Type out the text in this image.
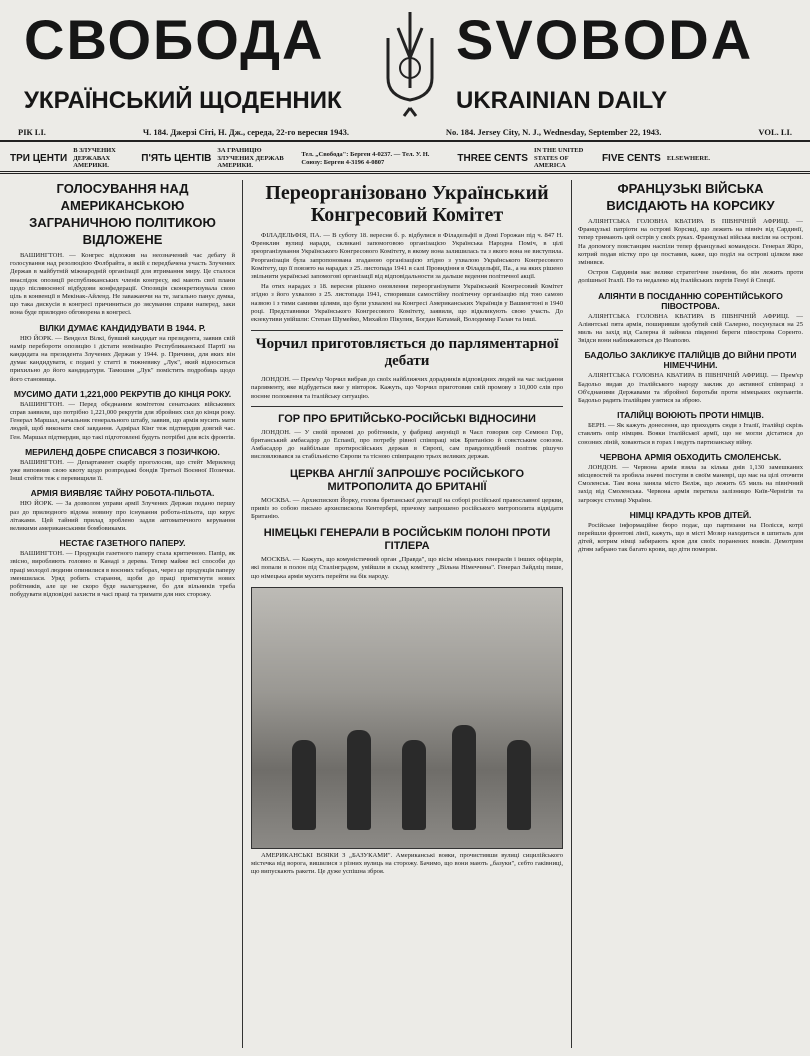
СВОБОДА SVOBODA
УКРАЇНСЬКИЙ ЩОДЕННИК	UKRAINIAN DAILY
РІК LI.	Ч. 184. Джерзі Сіті, Н. Дж., середа, 22-го вересня 1943.	No. 184. Jersey City, N. J., Wednesday, September 22, 1943.	VOL. LI.
ТРИ ЦЕНТИ
В ЗЛУЧЕНИХ ДЕРЖАВАХ АМЕРИКИ.
П'ЯТЬ ЦЕНТІВ
ЗА ГРАНИЦЮ ЗЛУЧЕНИХ ДЕРЖАВ АМЕРИКИ.
Тел. „Свобода": Бергeн 4-0237. — Тел. У. Н. Союзу: Бергeн 4-3196 4-0807	THREE CENTS
IN THE UNITED STATES OF AMERICA
FIVE CENTS ELSEWHERE.
ГОЛОСУВАННЯ НАД АМЕРИКАНСЬКОЮ ЗАГРАНИЧНОЮ ПОЛІТИКОЮ ВІДЛОЖЕНЕ

ВАШИНГТОН. — Конгрес відложив на неозначений час дебату й голосування над резолюцією Фолбрайта, в якій є передбачена участь Злучених Держав в майбутній міжнародній організації для втримання миру. Це сталося внаслідок опозиції республиканських членів конгресу, які мають свої плани щодо післявоєнної відбудови конфедерації. Опозиція сконкретизувала свою ціль в конвенції в Мекінак-Айленд. Не заважаючи на те, загально панує думка, що така дискусія в конгресі причиниться до зясування справи наперед, заки вона буде прилюдно обговорена в конгресі.

ВІЛКИ ДУМАЄ КАНДИДУВАТИ В 1944. Р.

НЮ ЙОРК. — Венделл Вілкі, бувший кандидат на президента, заявив свій намір перебороти опозицію і дістати номінацію Республиканської Партії на кандидата на президента Злучених Держав у 1944. р. Причини, для яких він думає кандидувати, є подані у статті в тижневику „Лук", який відноситься прихильно до його кандидатури. Тамошня „Лук" помістить подробиць щодо його становища.

МУСИМО ДАТИ 1,221,000 РЕКРУТІВ ДО КІНЦЯ РОКУ.

ВАШИНГТОН. — Перед обєднаним комітетом сенатських військових справ заявили, що потрібно 1,221,000 рекрутів для збройних сил до кінця року. Генерал Маршал, начальник генерального штабу, заявив, що армія мусить мати людей, щоб виконати свої завдання. Адмірал Кінг теж підтвердив довгий час. Ген. Маршал підтвердив, що такі підготовлені будуть потрібні для всіх фронтів.

МЕРИЛЕНД ДОБРЕ СПИСАВСЯ З ПОЗИЧКОЮ.

ВАШИНГТОН. — Департамент скарбу проголосив, що стейт Мериленд уже виповнив свою квоту щодо розпродажі бондів Третьої Воєнної Позички. Інші стейти теж є перевищили її.

АРМІЯ ВИЯВЛЯЄ ТАЙНУ РОБОТА-ПІЛЬОТА.

НЮ ЙОРК. — За дозволом управи армії Злучених Держав подано першу раз до прилюдного відома новину про існування робота-пільота, що керує літаками. Цей тайний прилад зроблено задля автоматичного керування великими американськими бомбовиками.

НЕСТАЄ ГАЗЕТНОГО ПАПЕРУ.

ВАШИНГТОН. — Продукція газетного паперу стала критичною. Папір, як звісно, виробляють головно в Канаді з дерева. Тепер майже всі способи до праці молодої людини опинилися в воєнних таборах, через це продукція паперу зменшилася. Уряд робить старання, щоби до праці притягнути нових робітників, але це не скоро буде налагоджене, бо для вільників треба побудувати відповідні захисти в часі праці та тримати для них сторожу.

Переорганізовано Український Конгресовий Комітет

ФІЛАДЕЛЬФІЯ, ПА. — В суботу 18. вересня б. р. відбулися в Філадельфії в Домі Горожан під ч. 847 Н. Френклин вулиці наради, скликані запомоговою організацією Українська Народна Поміч, в цілі зреорганізування Українського Конгресового Комітету, в якому вона залишилась та з якого вона не виступила. Реорганізація була запропонована згаданою організацією згідно з ухвалою Українського Конгресового Комітету, що її повзято на нарадах з 25. листопада 1941 в салі Провидіння в Філадельфії, Па., а на яких рішено звільнити українські запомогові організації від відповідальности за дальше ведення політичної акції.

На отих нарадах з 18. вересня рішено оновлення переорганізувати Український Конгресовий Комітет згідно з його ухвалою з 25. листопада 1941, створивши самостійну політичну організацію під тою самою назвою і з тими самими цілями, що були ухвалені на Конгресі Американських Українців у Вашингтоні в 1940 році. Представники Українського Конгресового Комітету, заявили, що відкликують свою участь. До екзекутиви увійшли: Степан Шумейко, Михайло Пікулик, Богдан Катамай, Володимир Галан та інші.

Чорчил приготовляється до парляментарної дебати

ЛОНДОН. — Прем'єр Чорчил вибрав до своїх найближчих дорадників відповідних людей на час засідання парляменту, яке відбудеться вже у вівторок. Кажуть, що Чорчил приготовив свій промову з 10,000 слів про воєнне положення та італійську ситуацію.

ГОР ПРО БРИТІЙСЬКО-РОСІЙСЬКІ ВІДНОСИНИ

ЛОНДОН. — У своїй промові до робітників, у фабриці амуніції в Чаєл говорив сер Семюел Гор, британський амбасадор до Еспанії, про потребу рівної співпраці між Британією й совєтським союзом. Амбасадор до найбільше протиросійських держав в Європі, сам правдоподібний політик рішучо висловлювався за стабільністю Європи та тісною співпрацею трьох великих держав.

ЦЕРКВА АНГЛІЇ ЗАПРОШУЄ РОСІЙСЬКОГО МИТРОПОЛИТА ДО БРИТАНІЇ

МОСКВА. — Архиєпископ Йорку, голова британської делегації на соборі російської православної церкви, привіз зо собою письмо архиєпископа Кентербері, причому запрошено російського митрополита відвідати Британію.

НІМЕЦЬКІ ГЕНЕРАЛИ В РОСІЙСЬКІМ ПОЛОНІ ПРОТИ ГІТЛЕРА

МОСКВА. — Кажуть, що комуністичний орган „Правда", що вісім німецьких генералів і інших офіцерів, які попали в полон під Сталінградом, увійшли в склад комітету „Вільна Німеччина". Генерал Зайдліц пише, що німецька армія мусить перейти на бік народу.

АМЕРИКАНСЬКІ ВОЯКИ З „БАЗУКАМИ". Американські вояки, прочистивши вулиці сицилійського містечка від ворога, вишилися з різних вулиць на сторожу. Бачимо, що вони мають „базуки", себто гаківниці, що випускають ракети. Це дуже успішна зброя.

ФРАНЦУЗЬКІ ВІЙСЬКА ВИСІДАЮТЬ НА КОРСИКУ

АЛІЯНТСЬКА ГОЛОВНА КВАТИРА В ПІВНІЧНІЙ АФРИЦІ. — Французькі патріоти на острові Корсиці, що лежить на північ від Сардинії, тепер тримають цей острів у своїх руках. Французькі війська висіли на острові. На допомогу повстанцям наспіли тепер французькі командоси. Генерал Жіро, котрий подав вістку про це поставив, каже, що поділ на острові цілком вже змінився.

Остров Сардинія має велике стратегічне значіння, бо він лежить проти долішньої Італії. По та недалеко від італійських портів Генуї й Спеції.

АЛІЯНТИ В ПОСІДАННЮ СОРЕНТІЙСЬКОГО ПІВОСТРОВА.

АЛІЯНТСЬКА ГОЛОВНА КВАТИРА В ПІВНІЧНІЙ АФРИЦІ. — Аліянтські пята армія, поширивши здобутий свій Салерно, посунулася на 25 миль на захід від Салерна й зайняла південні береги півострова Соренто. Звідси вони наближаються до Неаполю.

БАДОЛЬО ЗАКЛИКУЄ ІТАЛІЙЦІВ ДО ВІЙНИ ПРОТИ НІМЕЧЧИНИ.

АЛІЯНТСЬКА ГОЛОВНА КВАТИРА В ПІВНІЧНІЙ АФРИЦІ. — Прем'єр Бадольо видав до італійського народу заклик до активної співпраці з Об'єднаними Державами та збройної боротьби проти німецьких окупантів. Бадольо радить італійцям узятися за зброю.

ІТАЛІЙЦІ ВОЮЮТЬ ПРОТИ НІМЦІВ.

БЕРН. — Як кажуть донесення, що приходять сюди з Італії, італійці скрізь ставлять опір німцям. Вояки італійської армії, що не могли дістатися до союзних ліній, ховаються в горах і ведуть партизанську війну.

ЧЕРВОНА АРМІЯ ОБХОДИТЬ СМОЛЕНСЬК.

ЛОНДОН. — Червона армія взяла за кілька днів 1,130 замешканих місцевостей та зробила значні поступи в своїм маневрі, що має на цілі оточити Смоленськ. Там вона заняла місто Веліж, що лежить 65 миль на північний захід від Смоленська. Червона армія перетяла залізницю Київ-Чернігів та загрожує столиці України.

НІМЦІ КРАДУТЬ КРОВ ДІТЕЙ.

Російське інформаційне бюро подає, що партизани на Полісся, котрі перейшли фронтові лінії, кажуть, що в місті Мозир находиться в шпиталь для дітей, котрим німці забирають кров для своїх поранених вояків. Демотрим дітям забрано так багато крови, що діти померли.
